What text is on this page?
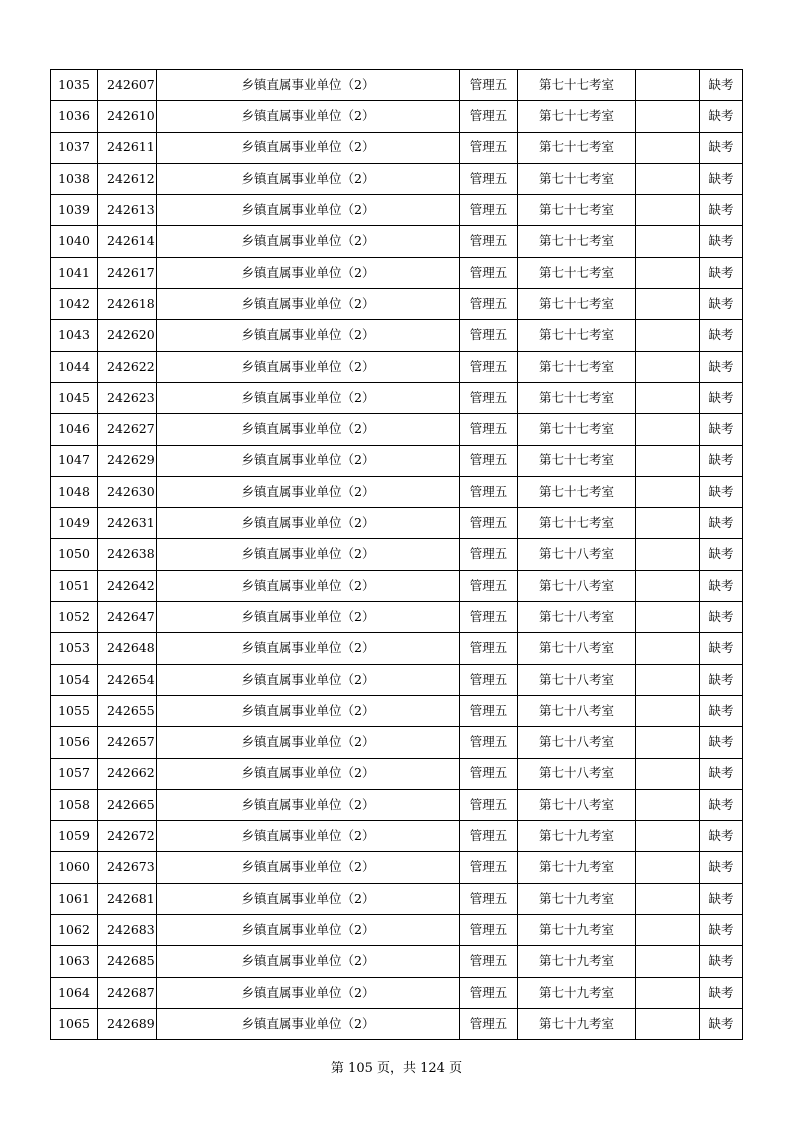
1035	242607	乡镇直属事业单位（2）	管理五	第七十七考室		缺考
1036	242610	乡镇直属事业单位（2）	管理五	第七十七考室		缺考
1037	242611	乡镇直属事业单位（2）	管理五	第七十七考室		缺考
1038	242612	乡镇直属事业单位（2）	管理五	第七十七考室		缺考
1039	242613	乡镇直属事业单位（2）	管理五	第七十七考室		缺考
1040	242614	乡镇直属事业单位（2）	管理五	第七十七考室		缺考
1041	242617	乡镇直属事业单位（2）	管理五	第七十七考室		缺考
1042	242618	乡镇直属事业单位（2）	管理五	第七十七考室		缺考
1043	242620	乡镇直属事业单位（2）	管理五	第七十七考室		缺考
1044	242622	乡镇直属事业单位（2）	管理五	第七十七考室		缺考
1045	242623	乡镇直属事业单位（2）	管理五	第七十七考室		缺考
1046	242627	乡镇直属事业单位（2）	管理五	第七十七考室		缺考
1047	242629	乡镇直属事业单位（2）	管理五	第七十七考室		缺考
1048	242630	乡镇直属事业单位（2）	管理五	第七十七考室		缺考
1049	242631	乡镇直属事业单位（2）	管理五	第七十七考室		缺考
1050	242638	乡镇直属事业单位（2）	管理五	第七十八考室		缺考
1051	242642	乡镇直属事业单位（2）	管理五	第七十八考室		缺考
1052	242647	乡镇直属事业单位（2）	管理五	第七十八考室		缺考
1053	242648	乡镇直属事业单位（2）	管理五	第七十八考室		缺考
1054	242654	乡镇直属事业单位（2）	管理五	第七十八考室		缺考
1055	242655	乡镇直属事业单位（2）	管理五	第七十八考室		缺考
1056	242657	乡镇直属事业单位（2）	管理五	第七十八考室		缺考
1057	242662	乡镇直属事业单位（2）	管理五	第七十八考室		缺考
1058	242665	乡镇直属事业单位（2）	管理五	第七十八考室		缺考
1059	242672	乡镇直属事业单位（2）	管理五	第七十九考室		缺考
1060	242673	乡镇直属事业单位（2）	管理五	第七十九考室		缺考
1061	242681	乡镇直属事业单位（2）	管理五	第七十九考室		缺考
1062	242683	乡镇直属事业单位（2）	管理五	第七十九考室		缺考
1063	242685	乡镇直属事业单位（2）	管理五	第七十九考室		缺考
1064	242687	乡镇直属事业单位（2）	管理五	第七十九考室		缺考
1065	242689	乡镇直属事业单位（2）	管理五	第七十九考室		缺考
第 105 页，共 124 页
